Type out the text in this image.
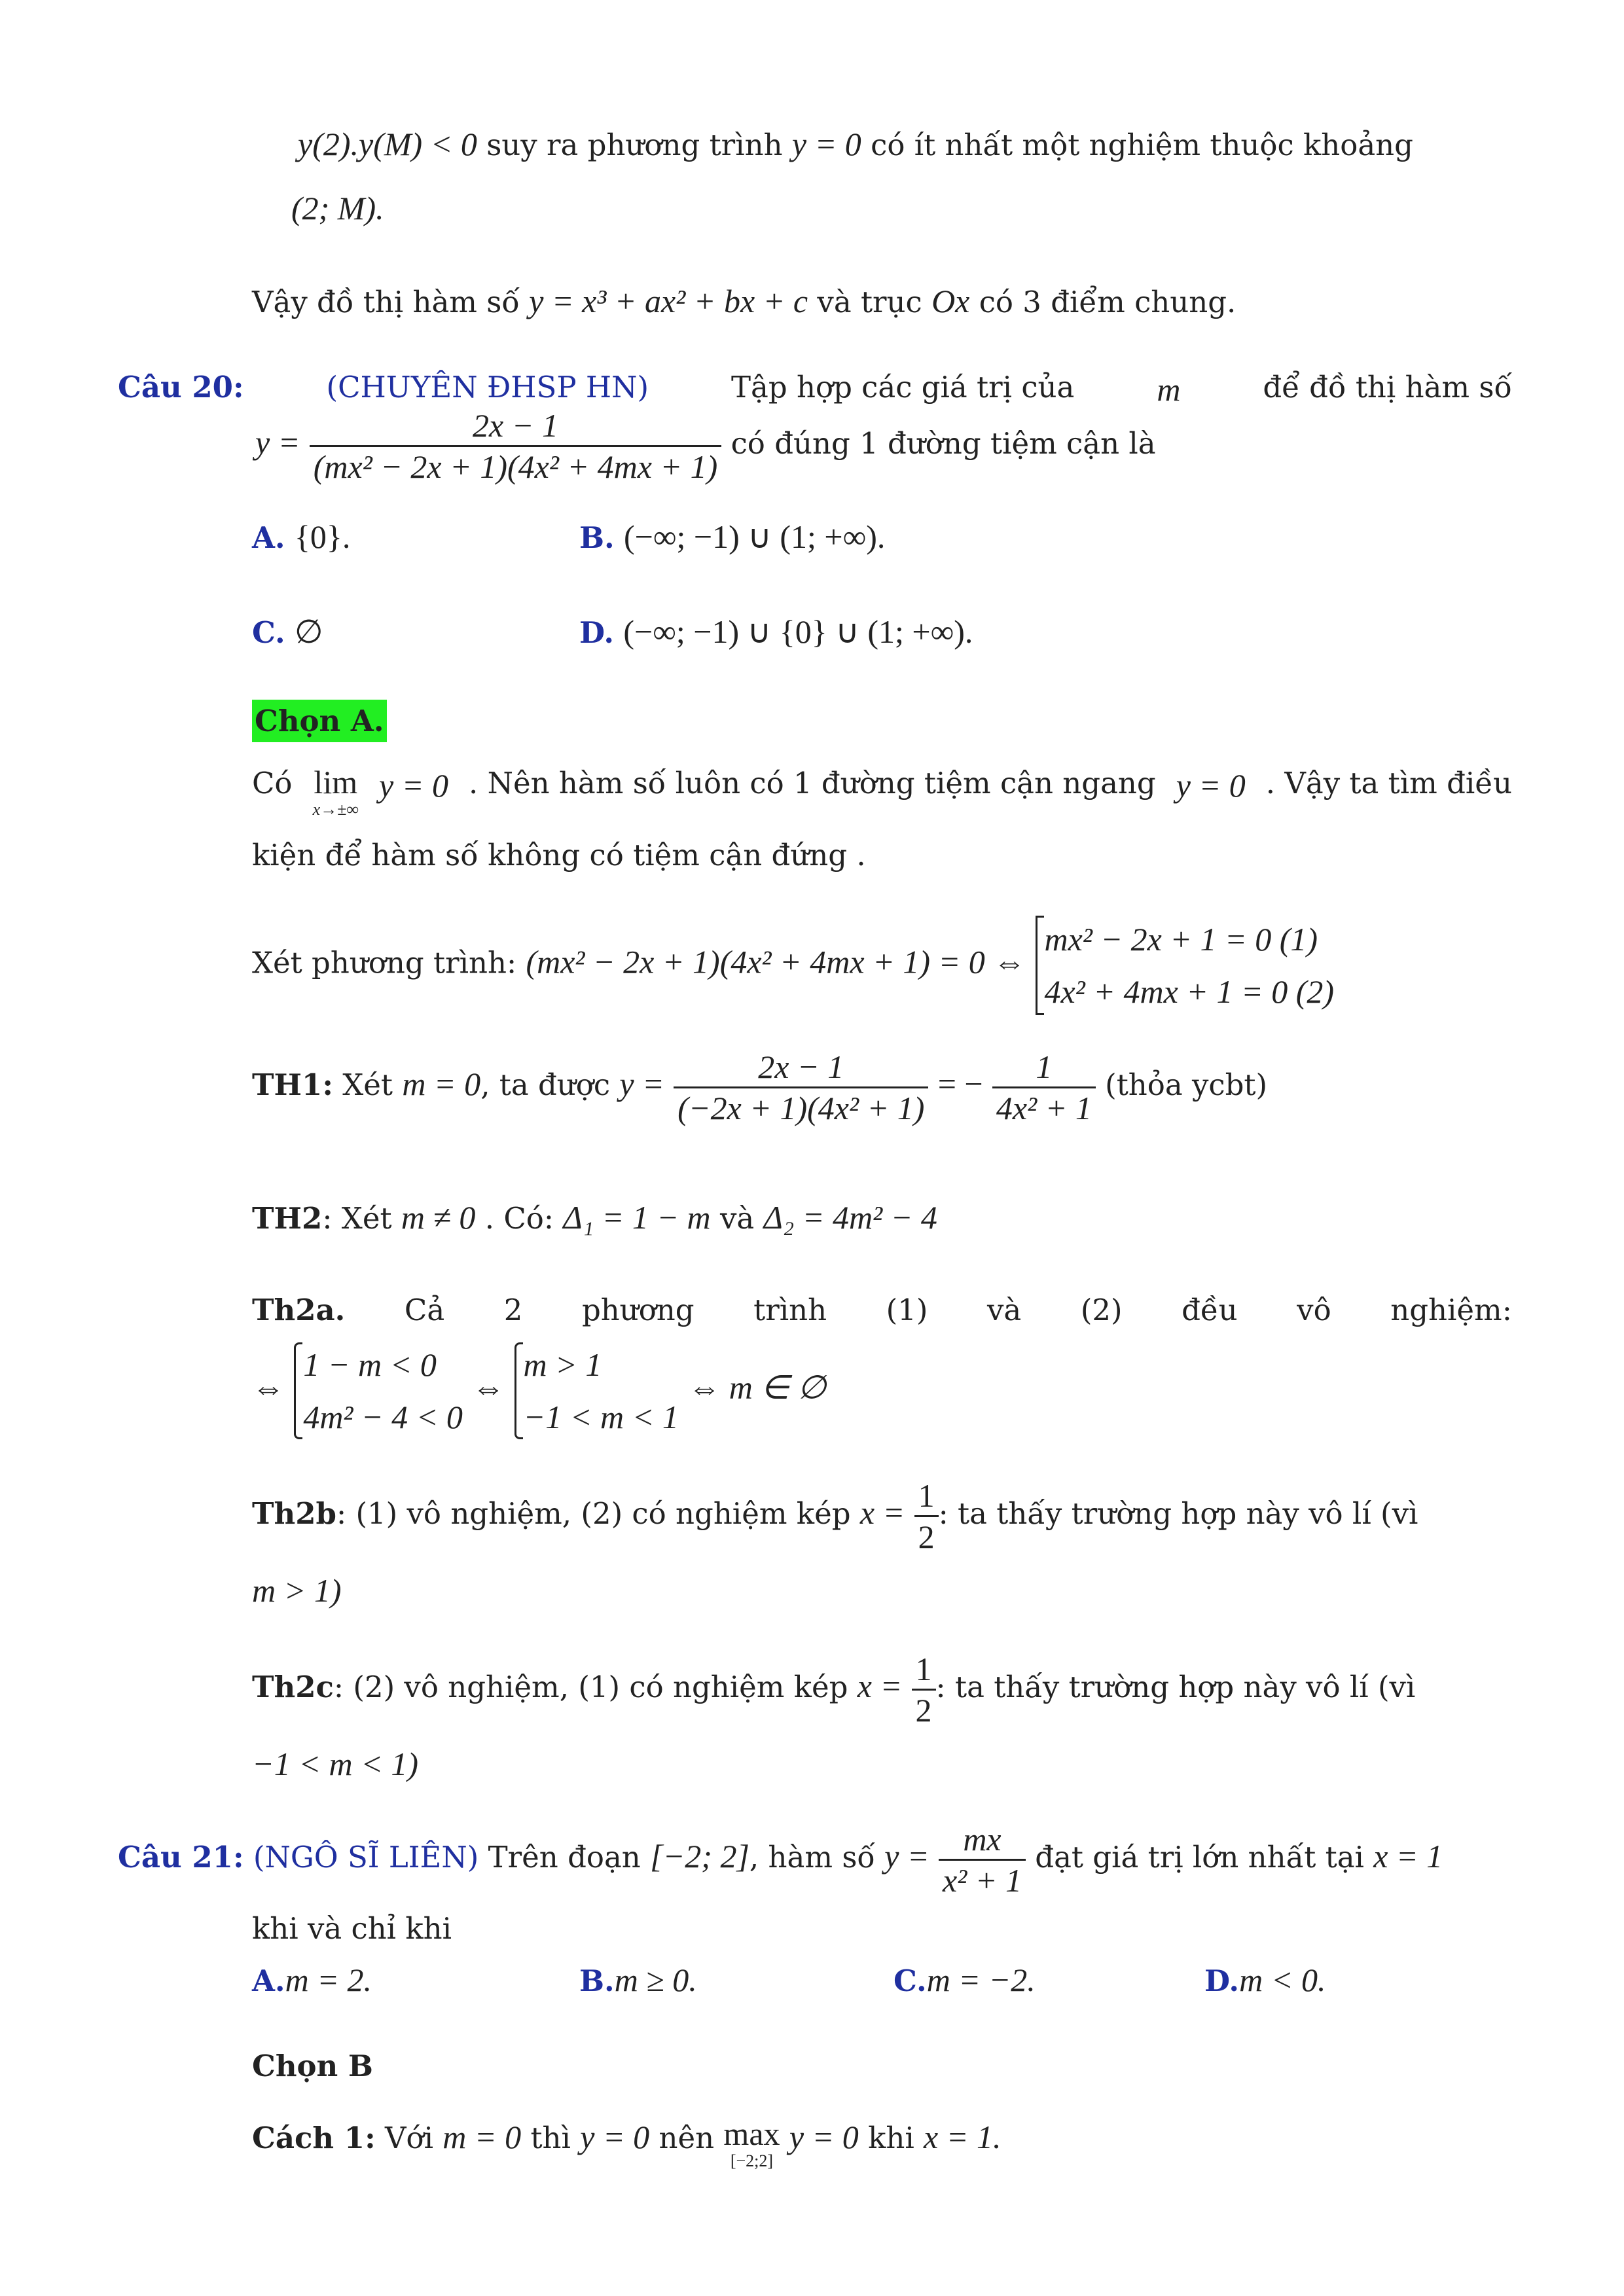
y(2).y(M) < 0 suy ra phương trình y = 0 có ít nhất một nghiệm thuộc khoảng
(2; M).
Vậy đồ thị hàm số y = x³ + ax² + bx + c và trục Ox có 3 điểm chung.
Câu 20:	(CHUYÊN ĐHSP HN)	Tập hợp các giá trị của	m	để đồ thị hàm số
$y = \frac{2x - 1}{\text{(mx² − 2x + 1)(4x² + 4mx + 1)}}$ có đúng 1 đường tiệm cận là
A. {0}.	B. (−∞; −1) ∪ (1; +∞).
C. ∅	D. (−∞; −1) ∪ {0} ∪ (1; +∞).
Chọn A.
Có lim
x→±∞
y = 0 . Nên hàm số luôn có 1 đường tiệm cận ngang y = 0 . Vậy ta tìm điều
kiện để hàm số không có tiệm cận đứng .
Xét phương trình: (mx² − 2x + 1)(4x² + 4mx + 1) = 0 ⇔
mx² − 2x + 1 = 0 (1)
4x² + 4mx + 1 = 0 (2)
TH1: Xét m = 0, ta được $y = \frac{2x - 1}{\text{(−2x + 1)(4x² + 1)}}$ = − $\frac{1}{\text{4x² + 1}}$ (thỏa ycbt)
TH2: Xét m ≠ 0 . Có: Δ₁ = 1 − m và Δ₂ = 4m² − 4
Th2a. Cả 2 phương trình (1) và (2) đều vô nghiệm:
⇔
1 − m < 0
4m² − 4 < 0
⇔
m > 1
−1 < m < 1
⇔ m ∈ ∅
Th2b: (1) vô nghiệm, (2) có nghiệm kép $x = \frac{1}{2}$ : ta thấy trường hợp này vô lí (vì
m > 1)
Th2c: (2) vô nghiệm, (1) có nghiệm kép $x = \frac{1}{2}$ : ta thấy trường hợp này vô lí (vì
−1 < m < 1)
Câu 21: (NGÔ SĨ LIÊN) Trên đoạn [−2; 2], hàm số $y = \frac{mx}{\text{x² + 1}}$ đạt giá trị lớn nhất tại x = 1
khi và chỉ khi
A.m = 2.	B.m ≥ 0.	C.m = −2.	D.m < 0.
Chọn B
Cách 1: Với m = 0 thì y = 0 nên max
[−2;2]
y = 0 khi x = 1.
